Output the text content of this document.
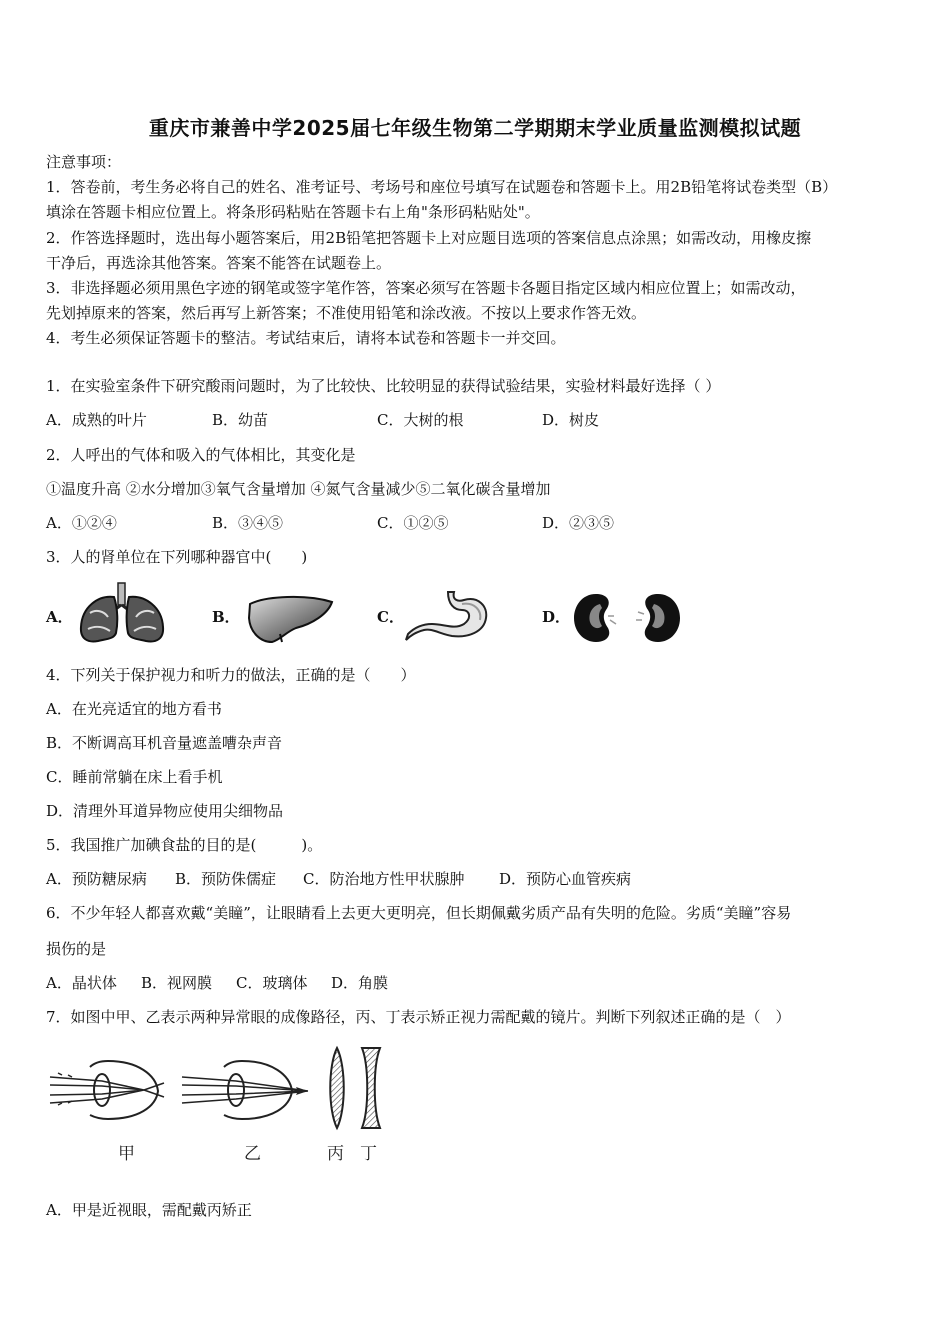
重庆市兼善中学2025届七年级生物第二学期期末学业质量监测模拟试题
注意事项：
1．答卷前，考生务必将自己的姓名、准考证号、考场号和座位号填写在试题卷和答题卡上。用2B铅笔将试卷类型（B）
填涂在答题卡相应位置上。将条形码粘贴在答题卡右上角"条形码粘贴处"。
2．作答选择题时，选出每小题答案后，用2B铅笔把答题卡上对应题目选项的答案信息点涂黑；如需改动，用橡皮擦
干净后，再选涂其他答案。答案不能答在试题卷上。
3．非选择题必须用黑色字迹的钢笔或签字笔作答，答案必须写在答题卡各题目指定区域内相应位置上；如需改动，
先划掉原来的答案，然后再写上新答案；不准使用铅笔和涂改液。不按以上要求作答无效。
4．考生必须保证答题卡的整洁。考试结束后，请将本试卷和答题卡一并交回。
1．在实验室条件下研究酸雨问题时，为了比较快、比较明显的获得试验结果，实验材料最好选择（ ）
A．成熟的叶片	B．幼苗	C．大树的根	D．树皮
2．人呼出的气体和吸入的气体相比，其变化是
①温度升高 ②水分增加③氧气含量增加 ④氮气含量减少⑤二氧化碳含量增加
A．①②④	B．③④⑤	C．①②⑤	D．②③⑤
3．人的肾单位在下列哪种器官中(　　)
A．	B．	C．	D．
4．下列关于保护视力和听力的做法，正确的是（　　）
A．在光亮适宜的地方看书
B．不断调高耳机音量遮盖嘈杂声音
C．睡前常躺在床上看手机
D．清理外耳道异物应使用尖细物品
5．我国推广加碘食盐的目的是(　　　)。
A．预防糖尿病 B．预防侏儒症 C．防治地方性甲状腺肿 D．预防心血管疾病
6．不少年轻人都喜欢戴“美瞳”，让眼睛看上去更大更明亮，但长期佩戴劣质产品有失明的危险。劣质“美瞳”容易
损伤的是
A．晶状体 B．视网膜 C．玻璃体 D．角膜
7．如图中甲、乙表示两种异常眼的成像路径，丙、丁表示矫正视力需配戴的镜片。判断下列叙述正确的是（　）
甲	乙	丙 丁
A．甲是近视眼，需配戴丙矫正
